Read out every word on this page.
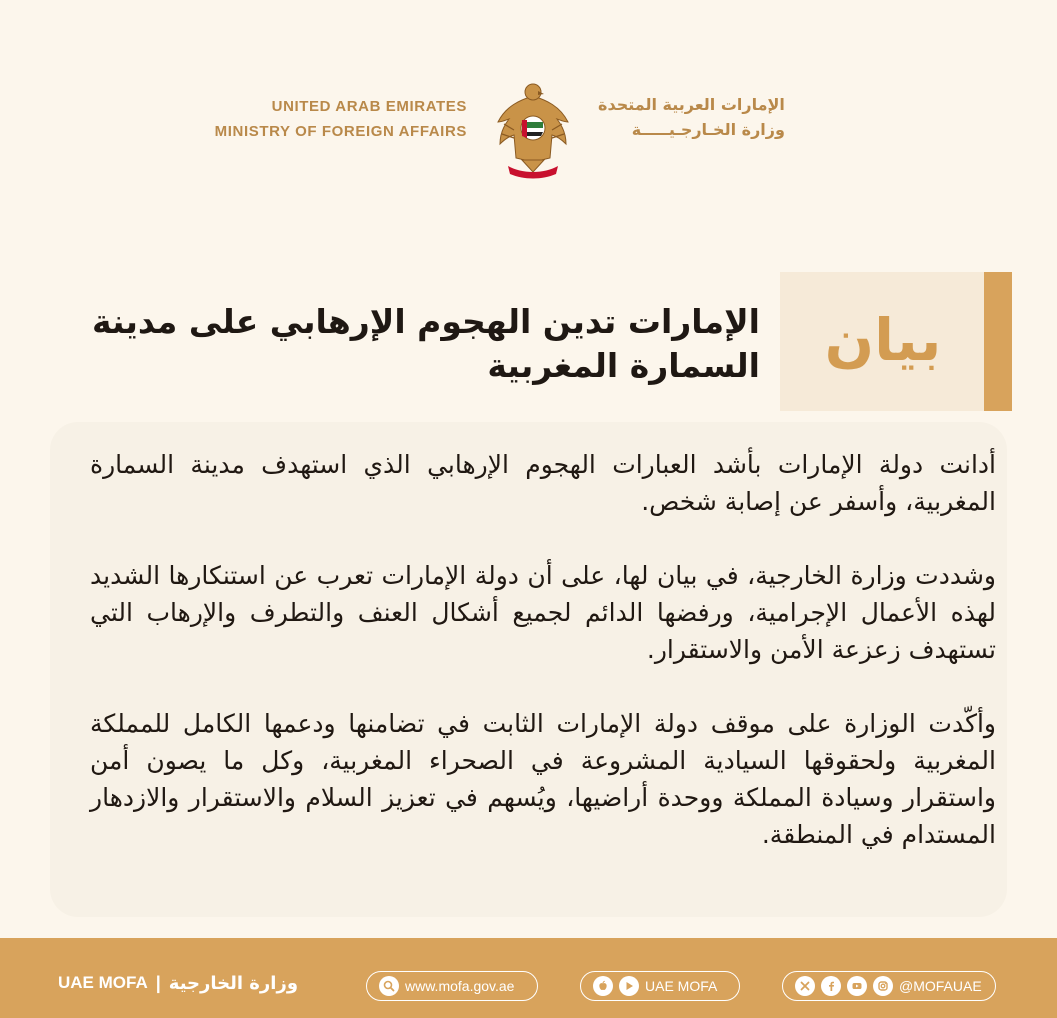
UNITED ARAB EMIRATES
MINISTRY OF FOREIGN AFFAIRS
الإمارات العربية المتحدة
وزارة الخـارجـيـــــة
بيان
الإمارات تدين الهجوم الإرهابي على مدينة السمارة المغربية

أدانت دولة الإمارات بأشد العبارات الهجوم الإرهابي الذي استهدف مدينة السمارة المغربية، وأسفر عن إصابة شخص.

وشددت وزارة الخارجية، في بيان لها، على أن دولة الإمارات تعرب عن استنكارها الشديد لهذه الأعمال الإجرامية، ورفضها الدائم لجميع أشكال العنف والتطرف والإرهاب التي تستهدف زعزعة الأمن والاستقرار.

وأكّدت الوزارة على موقف دولة الإمارات الثابت في تضامنها ودعمها الكامل للمملكة المغربية ولحقوقها السيادية المشروعة في الصحراء المغربية، وكل ما يصون أمن واستقرار وسيادة المملكة ووحدة أراضيها، ويُسهم في تعزيز السلام والاستقرار والازدهار المستدام في المنطقة.

UAE MOFA | وزارة الخارجية	www.mofa.gov.ae	UAE MOFA	@MOFAUAE
